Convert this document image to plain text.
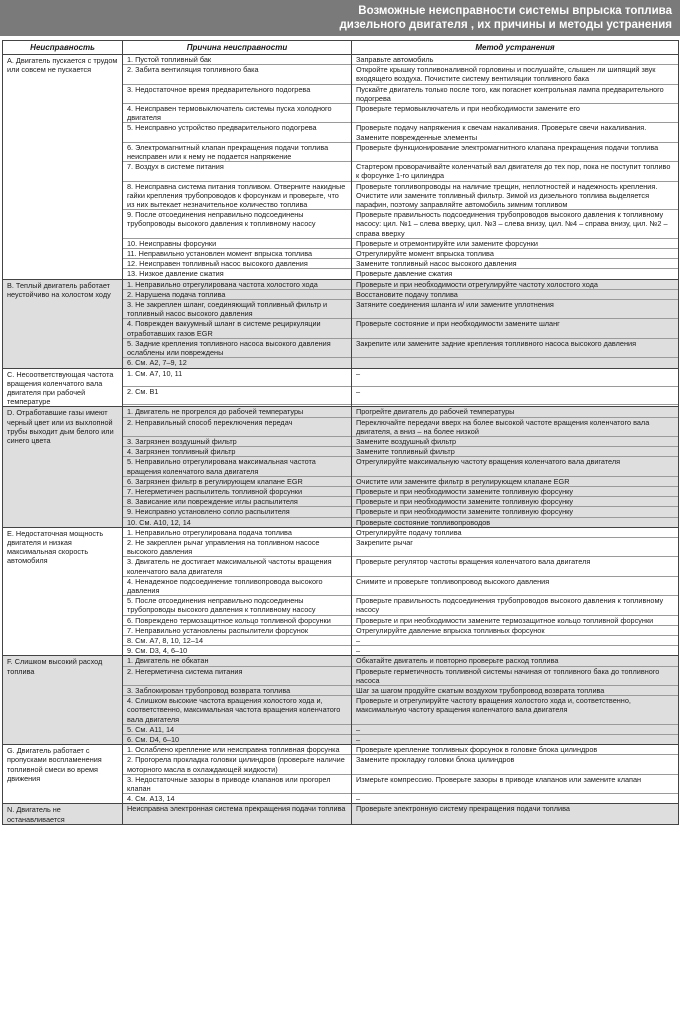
Возможные неисправности системы впрыска топлива
дизельного двигателя , их причины и методы устранения
Неисправность	Причина неисправности	Метод устранения
A. Двигатель пускается с трудом или совсем не пускается	1. Пустой топливный бак	Заправьте автомобиль
	2. Забита вентиляция топливного бака	Откройте крышку топливоналивной горловины и послушайте, слышен ли шипящий звук входящего воздуха. Почистите систему вентиляции топливного бака
	3. Недостаточное время предварительного подогрева	Пускайте двигатель только после того, как погаснет контрольная лампа предварительного подогрева
	4. Неисправен термовыключатель системы пуска холодного двигателя	Проверьте термовыключатель и при необходимости замените его
	5. Неисправно устройство предварительного подогрева	Проверьте подачу напряжения к свечам накаливания. Проверьте свечи накаливания. Замените поврежденные элементы
	6. Электромагнитный клапан прекращения подачи топлива неисправен или к нему не подается напряжение	Проверьте функционирование электромагнитного клапана прекращения подачи топлива
	7. Воздух в системе питания	Стартером проворачивайте коленчатый вал двигателя до тех пор, пока не поступит топливо к форсунке 1-го цилиндра
	8. Неисправна система питания топливом. Отверните накидные гайки крепления трубопроводов к форсункам и проверьте, что из них вытекает незначительное количество топлива	Проверьте топливопроводы на наличие трещин, неплотностей и надежность крепления. Очистите или замените топливный фильтр. Зимой из дизельного топлива выделяется парафин, поэтому заправляйте автомобиль зимним топливом
	9. После отсоединения неправильно подсоединены трубопроводы высокого давления к топливному насосу	Проверьте правильность подсоединения трубопроводов высокого давления к топливному насосу: цил. №1 – слева вверху, цил. №3 – слева внизу, цил. №4 – справа внизу, цил. №2 – справа вверху
	10. Неисправны форсунки	Проверьте и отремонтируйте или замените форсунки
	11. Неправильно установлен момент впрыска топлива	Отрегулируйте момент впрыска топлива
	12. Неисправен топливный насос высокого давления	Замените топливный насос высокого давления
	13. Низкое давление сжатия	Проверьте давление сжатия
B. Теплый двигатель работает неустойчиво на холостом ходу	1. Неправильно отрегулирована частота холостого хода	Проверьте и при необходимости отрегулируйте частоту холостого хода
	2. Нарушена подача топлива	Восстановите подачу топлива
	3. Не закреплен шланг, соединяющий топливный фильтр и топливный насос высокого давления	Затяните соединения шланга и/ или замените уплотнения
	4. Поврежден вакуумный шланг в системе рециркуляции отработавших газов EGR	Проверьте состояние и при необходимости замените шланг
	5. Задние крепления топливного насоса высокого давления ослаблены или повреждены	Закрепите или замените задние крепления топливного насоса высокого давления
	6. См. A2, 7–9, 12	
C. Несоответствующая частота вращения коленчатого вала двигателя при рабочей температуре	1. См. A7, 10, 11	–
	2. См. B1	–

D. Отработавшие газы имеют черный цвет или из выхлопной трубы выходит дым белого или синего цвета	1. Двигатель не прогрелся до рабочей температуры	Прогрейте двигатель до рабочей температуры
	2. Неправильный способ переключения передач	Переключайте передачи вверх на более высокой частоте вращения коленчатого вала двигателя, а вниз – на более низкой
	3. Загрязнен воздушный фильтр	Замените воздушный фильтр
	4. Загрязнен топливный фильтр	Замените топливный фильтр
	5. Неправильно отрегулирована максимальная частота вращения коленчатого вала двигателя	Отрегулируйте максимальную частоту вращения коленчатого вала двигателя
	6. Загрязнен фильтр в регулирующем клапане EGR	Очистите или замените фильтр в регулирующем клапане EGR
	7. Негерметичен распылитель топливной форсунки	Проверьте и при необходимости замените топливную форсунку
	8. Зависание или повреждение иглы распылителя	Проверьте и при необходимости замените топливную форсунку
	9. Неисправно установлено сопло распылителя	Проверьте и при необходимости замените топливную форсунку
	10. См. A10, 12, 14	Проверьте состояние топливопроводов
E. Недостаточная мощность двигателя и низкая максимальная скорость автомобиля	1. Неправильно отрегулирована подача топлива	Отрегулируйте подачу топлива
	2. Не закреплен рычаг управления на топливном насосе высокого давления	Закрепите рычаг
	3. Двигатель не достигает максимальной частоты вращения коленчатого вала двигателя	Проверьте регулятор частоты вращения коленчатого вала двигателя
	4. Ненадежное подсоединение топливопровода высокого давления	Снимите и проверьте топливопровод высокого давления
	5. После отсоединения неправильно подсоединены трубопроводы высокого давления к топливному насосу	Проверьте правильность подсоединения трубопроводов высокого давления к топливному насосу
	6. Повреждено термозащитное кольцо топливной форсунки	Проверьте и при необходимости замените термозащитное кольцо топливной форсунки
	7. Неправильно установлены распылители форсунок	Отрегулируйте давление впрыска топливных форсунок
	8. См. A7, 8, 10, 12–14	–
	9. См. D3, 4, 6–10	–
F. Слишком высокий расход топлива	1. Двигатель не обкатан	Обкатайте двигатель и повторно проверьте расход топлива
	2. Негерметична система питания	Проверьте герметичность топливной системы начиная от топливного бака до топливного насоса
	3. Заблокирован трубопровод возврата топлива	Шаг за шагом продуйте сжатым воздухом трубопровод возврата топлива
	4. Слишком высокие частота вращения холостого хода и, соответственно, максимальная частота вращения коленчатого вала двигателя	Проверьте и отрегулируйте частоту вращения холостого хода и, соответственно, максимальную частоту вращения коленчатого вала двигателя
	5. См. A11, 14	–
	6. См. D4, 6–10	–
G. Двигатель работает с пропусками воспламенения топливной смеси во время движения	1. Ослаблено крепление или неисправна топливная форсунка	Проверьте крепление топливных форсунок в головке блока цилиндров
	2. Прогорела прокладка головки цилиндров (проверьте наличие моторного масла в охлаждающей жидкости)	Замените прокладку головки блока цилиндров
	3. Недостаточные зазоры в приводе клапанов или прогорел клапан	Измерьте компрессию. Проверьте зазоры в приводе клапанов или замените клапан
	4. См. A13, 14	–
N. Двигатель не останавливается	Неисправна электронная система прекращения подачи топлива	Проверьте электронную систему прекращения подачи топлива
